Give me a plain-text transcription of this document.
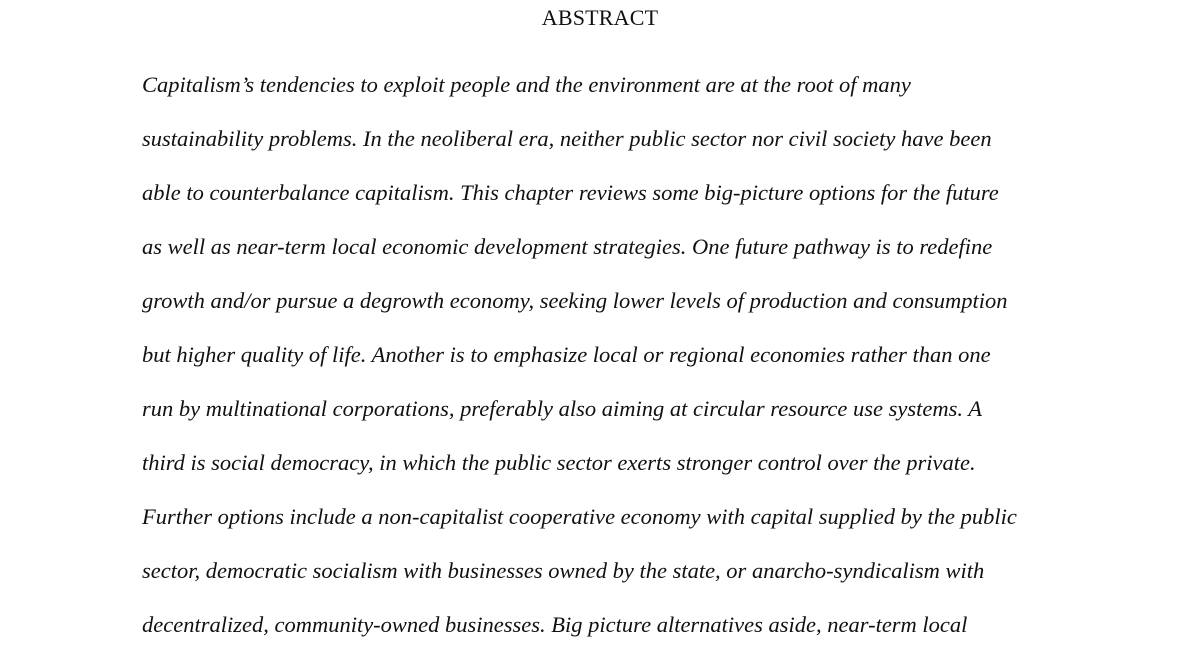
ABSTRACT
Capitalism’s tendencies to exploit people and the environment are at the root of many
sustainability problems. In the neoliberal era, neither public sector nor civil society have been
able to counterbalance capitalism. This chapter reviews some big-picture options for the future
as well as near-term local economic development strategies. One future pathway is to redefine
growth and/or pursue a degrowth economy, seeking lower levels of production and consumption
but higher quality of life. Another is to emphasize local or regional economies rather than one
run by multinational corporations, preferably also aiming at circular resource use systems. A
third is social democracy, in which the public sector exerts stronger control over the private.
Further options include a non-capitalist cooperative economy with capital supplied by the public
sector, democratic socialism with businesses owned by the state, or anarcho-syndicalism with
decentralized, community-owned businesses. Big picture alternatives aside, near-term local
